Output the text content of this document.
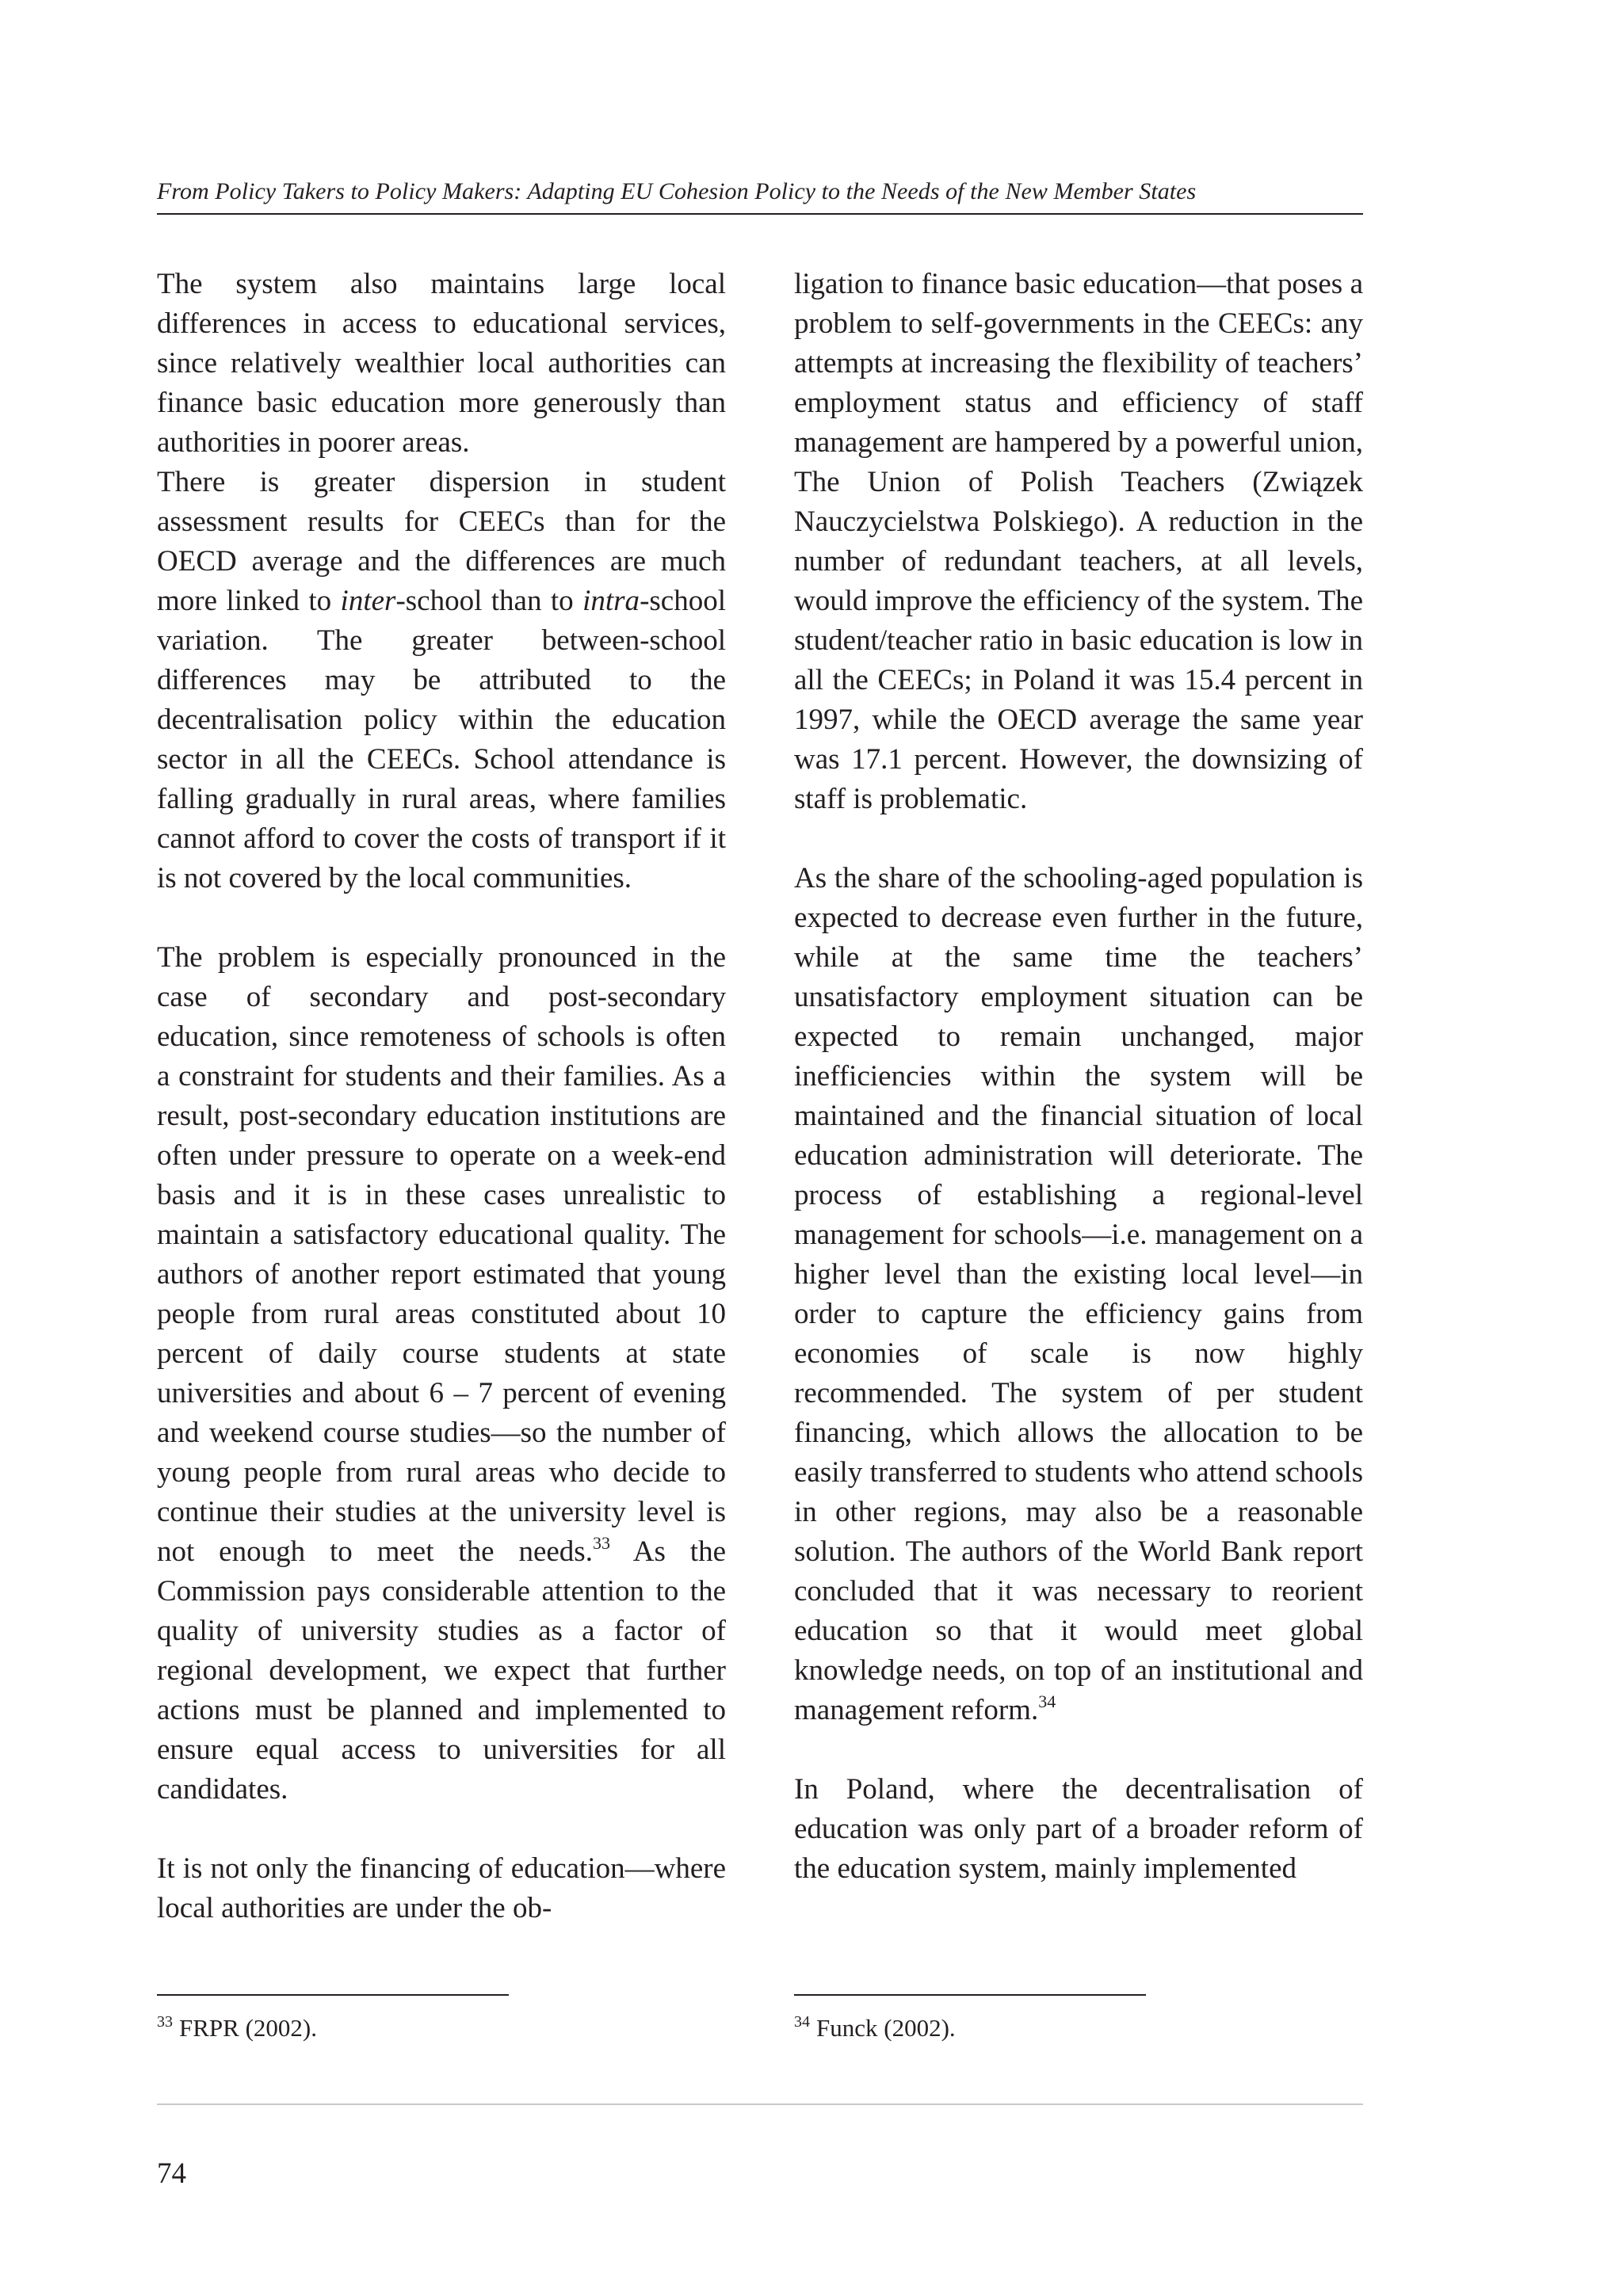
From Policy Takers to Policy Makers: Adapting EU Cohesion Policy to the Needs of the New Member States

The system also maintains large local differences in access to educational services, since relatively wealthier local authorities can finance basic education more generously than authorities in poorer areas.

There is greater dispersion in student assessment results for CEECs than for the OECD average and the differences are much more linked to inter-school than to intra-school variation. The greater between-school differences may be attributed to the decentralisation policy within the education sector in all the CEECs. School attendance is falling gradually in rural areas, where families cannot afford to cover the costs of transport if it is not covered by the local communities.

The problem is especially pronounced in the case of secondary and post-secondary education, since remoteness of schools is often a constraint for students and their families. As a result, post-secondary education institutions are often under pressure to operate on a week-end basis and it is in these cases unrealistic to maintain a satisfactory educational quality. The authors of another report estimated that young people from rural areas constituted about 10 percent of daily course students at state universities and about 6 – 7 percent of evening and weekend course studies—so the number of young people from rural areas who decide to continue their studies at the university level is not enough to meet the needs.$^{33}$ As the Commission pays considerable attention to the quality of university studies as a factor of regional development, we expect that further actions must be planned and implemented to ensure equal access to universities for all candidates.

It is not only the financing of education—where local authorities are under the ob-

ligation to finance basic education—that poses a problem to self-governments in the CEECs: any attempts at increasing the flexibility of teachers’ employment status and efficiency of staff management are hampered by a powerful union, The Union of Polish Teachers (Związek Nauczycielstwa Polskiego). A reduction in the number of redundant teachers, at all levels, would improve the efficiency of the system. The student/teacher ratio in basic education is low in all the CEECs; in Poland it was 15.4 percent in 1997, while the OECD average the same year was 17.1 percent. However, the downsizing of staff is problematic.

As the share of the schooling-aged population is expected to decrease even further in the future, while at the same time the teachers’ unsatisfactory employment situation can be expected to remain unchanged, major inefficiencies within the system will be maintained and the financial situation of local education administration will deteriorate. The process of establishing a regional-level management for schools—i.e. management on a higher level than the existing local level—in order to capture the efficiency gains from economies of scale is now highly recommended. The system of per student financing, which allows the allocation to be easily transferred to students who attend schools in other regions, may also be a reasonable solution. The authors of the World Bank report concluded that it was necessary to reorient education so that it would meet global knowledge needs, on top of an institutional and management reform.$^{34}$

In Poland, where the decentralisation of education was only part of a broader reform of the education system, mainly implemented

$^{33}$ FRPR (2002).	$^{34}$ Funck (2002).
74
